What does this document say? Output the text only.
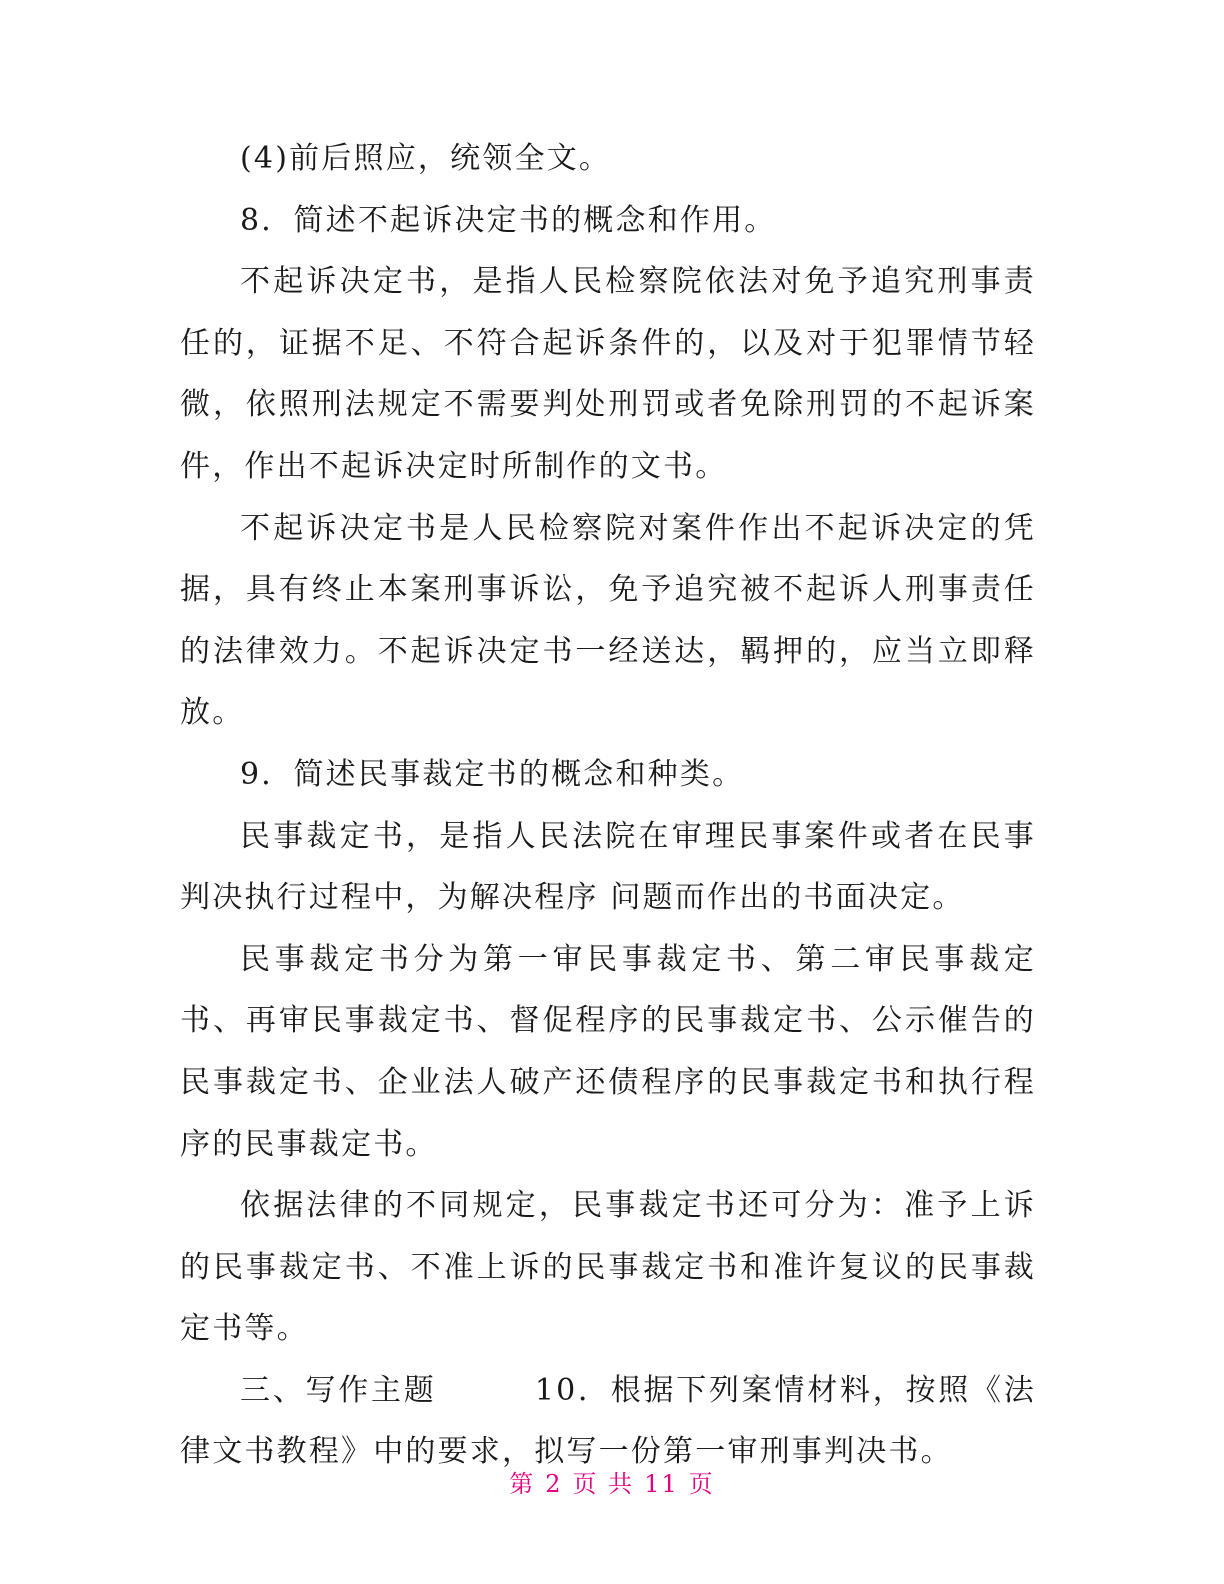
(4)前后照应，统领全文。

8．简述不起诉决定书的概念和作用。

不起诉决定书，是指人民检察院依法对免予追究刑事责任的，证据不足、不符合起诉条件的，以及对于犯罪情节轻微，依照刑法规定不需要判处刑罚或者免除刑罚的不起诉案件，作出不起诉决定时所制作的文书。

不起诉决定书是人民检察院对案件作出不起诉决定的凭据，具有终止本案刑事诉讼，免予追究被不起诉人刑事责任的法律效力。不起诉决定书一经送达，羁押的，应当立即释放。

9．简述民事裁定书的概念和种类。

民事裁定书，是指人民法院在审理民事案件或者在民事判决执行过程中，为解决程序 问题而作出的书面决定。

民事裁定书分为第一审民事裁定书、第二审民事裁定书、再审民事裁定书、督促程序的民事裁定书、公示催告的民事裁定书、企业法人破产还债程序的民事裁定书和执行程序的民事裁定书。

依据法律的不同规定，民事裁定书还可分为：准予上诉的民事裁定书、不准上诉的民事裁定书和准许复议的民事裁定书等。

三、写作主题　　　10．根据下列案情材料，按照《法律文书教程》中的要求，拟写一份第一审刑事判决书。

第 2 页 共 11 页
